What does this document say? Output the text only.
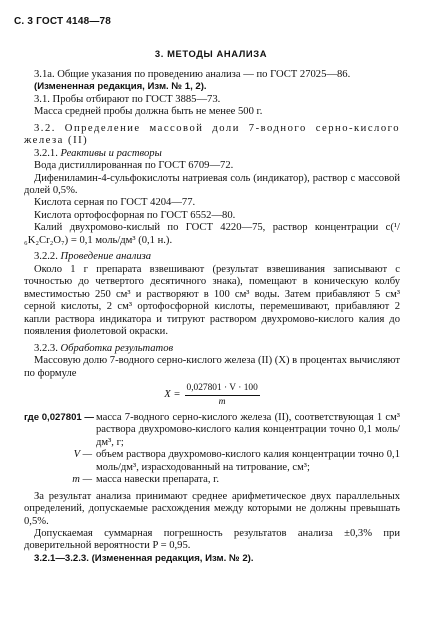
С. 3 ГОСТ 4148—78
3. МЕТОДЫ АНАЛИЗА

3.1а. Общие указания по проведению анализа — по ГОСТ 27025—86.

(Измененная редакция, Изм. № 1, 2).

3.1. Пробы отбирают по ГОСТ 3885—73.

Масса средней пробы должна быть не менее 500 г.

3.2. Определение массовой доли 7-водного серно-кислого железа (II)

3.2.1. Реактивы и растворы

Вода дистиллированная по ГОСТ 6709—72.

Дифениламин-4-сульфокислоты натриевая соль (индикатор), раствор с массовой долей 0,5%.

Кислота серная по ГОСТ 4204—77.

Кислота ортофосфорная по ГОСТ 6552—80.

Калий двухромово-кислый по ГОСТ 4220—75, раствор концентрации c(¹/₆K₂Cr₂O₇) = 0,1 моль/дм³ (0,1 н.).

3.2.2. Проведение анализа

Около 1 г препарата взвешивают (результат взвешивания записывают с точностью до четвертого десятичного знака), помещают в коническую колбу вместимостью 250 см³ и растворяют в 100 см³ воды. Затем прибавляют 5 см³ серной кислоты, 2 см³ ортофосфорной кислоты, перемешивают, прибавляют 2 капли раствора индикатора и титруют раствором двухромово-кислого калия до появления фиолетовой окраски.

3.2.3. Обработка результатов

Массовую долю 7-водного серно-кислого железа (II) (X) в процентах вычисляют по формуле

$X = \frac{0,027801 \cdot V \cdot 100}{m}$
где 0,027801 — масса 7-водного серно-кислого железа (II), соответствующая 1 см³ раствора двухромово-кислого калия концентрации точно 0,1 моль/дм³, г;
V — объем раствора двухромово-кислого калия концентрации точно 0,1 моль/дм³, израсходованный на титрование, см³;
m — масса навески препарата, г.

За результат анализа принимают среднее арифметическое двух параллельных определений, допускаемые расхождения между которыми не должны превышать 0,5%.

Допускаемая суммарная погрешность результатов анализа ±0,3% при доверительной вероятности P = 0,95.

3.2.1—3.2.3. (Измененная редакция, Изм. № 2).
